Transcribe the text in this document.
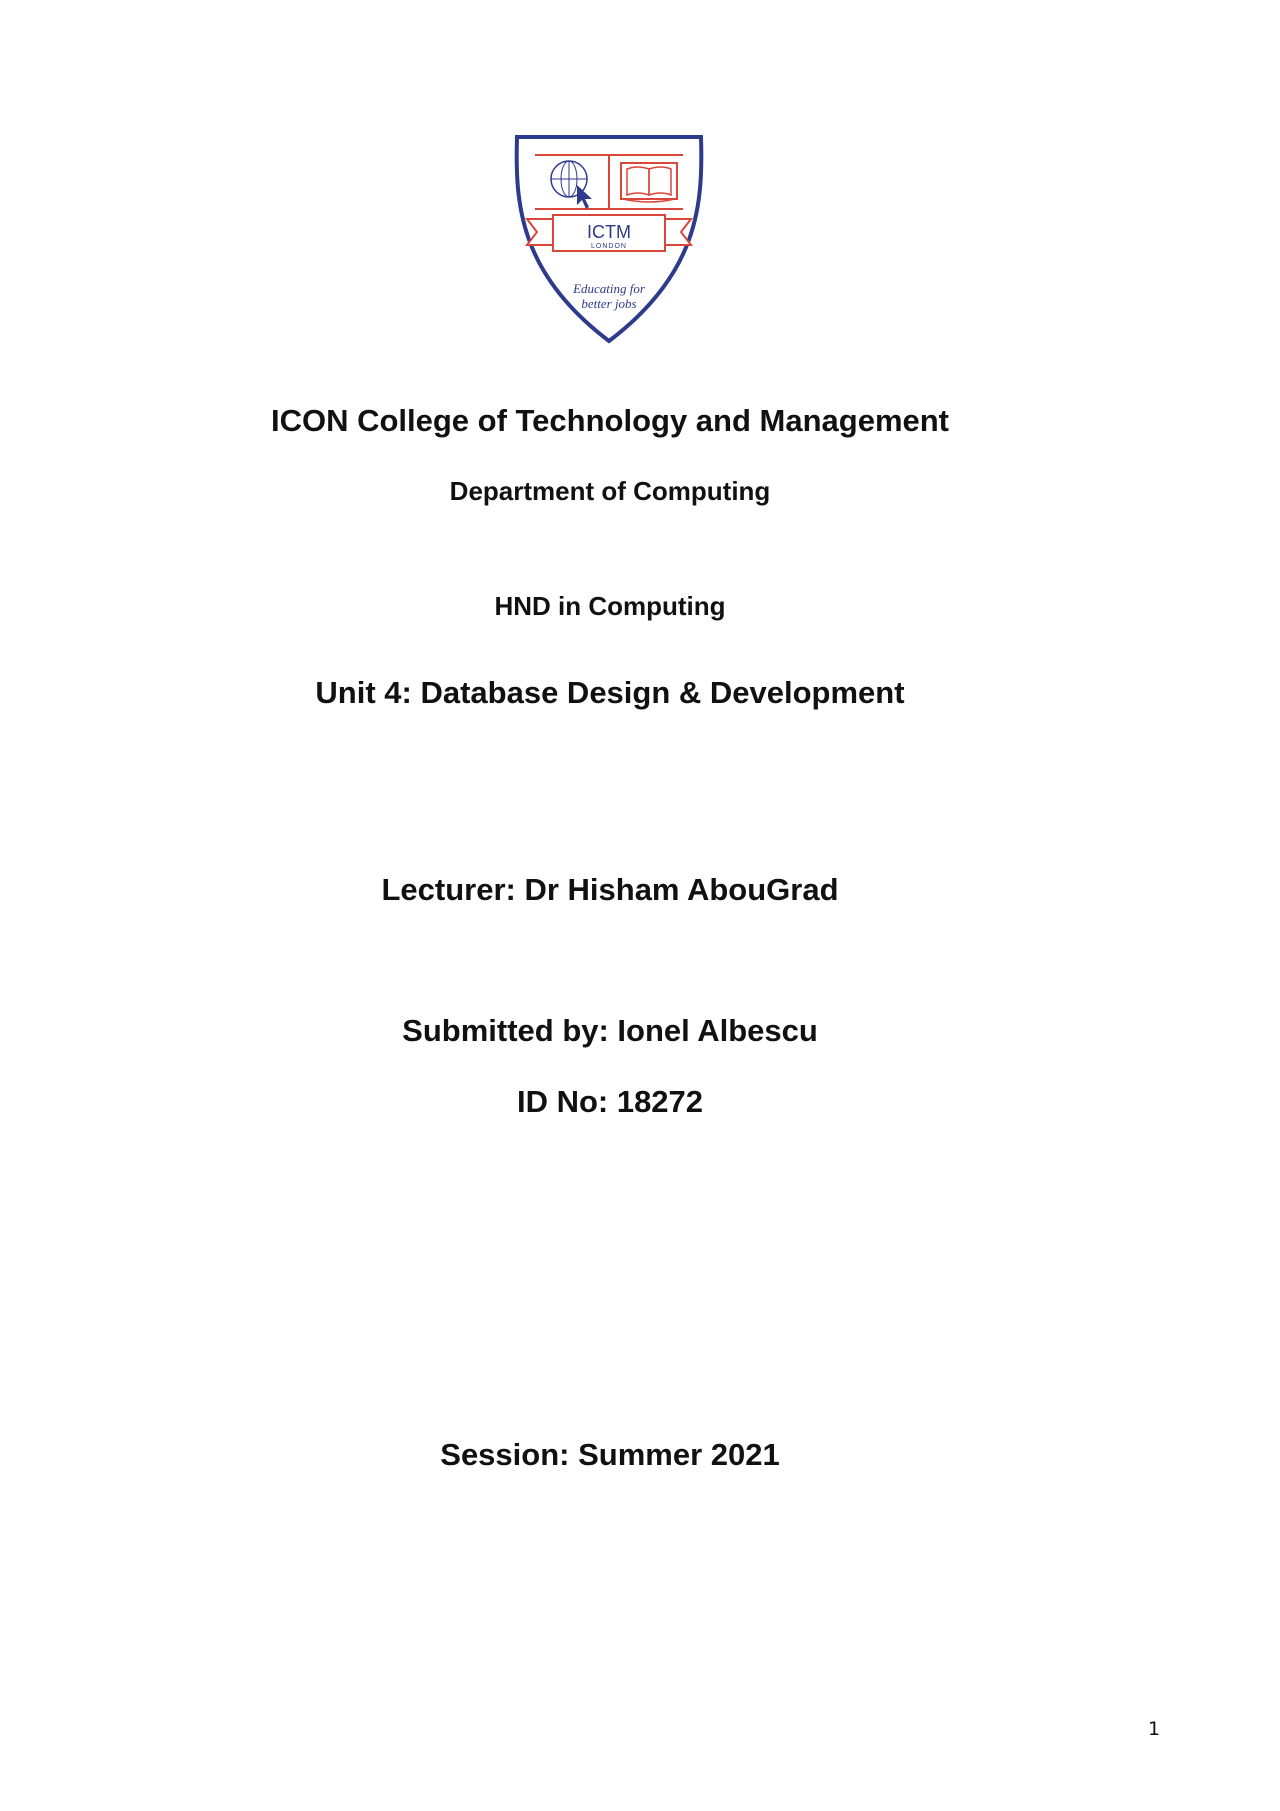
ICTM
LONDON
Educating for
better jobs
ICON College of Technology and Management
Department of Computing
HND in Computing
Unit 4: Database Design & Development
Lecturer: Dr Hisham AbouGrad
Submitted by: Ionel Albescu
ID No: 18272
Session: Summer 2021
1
